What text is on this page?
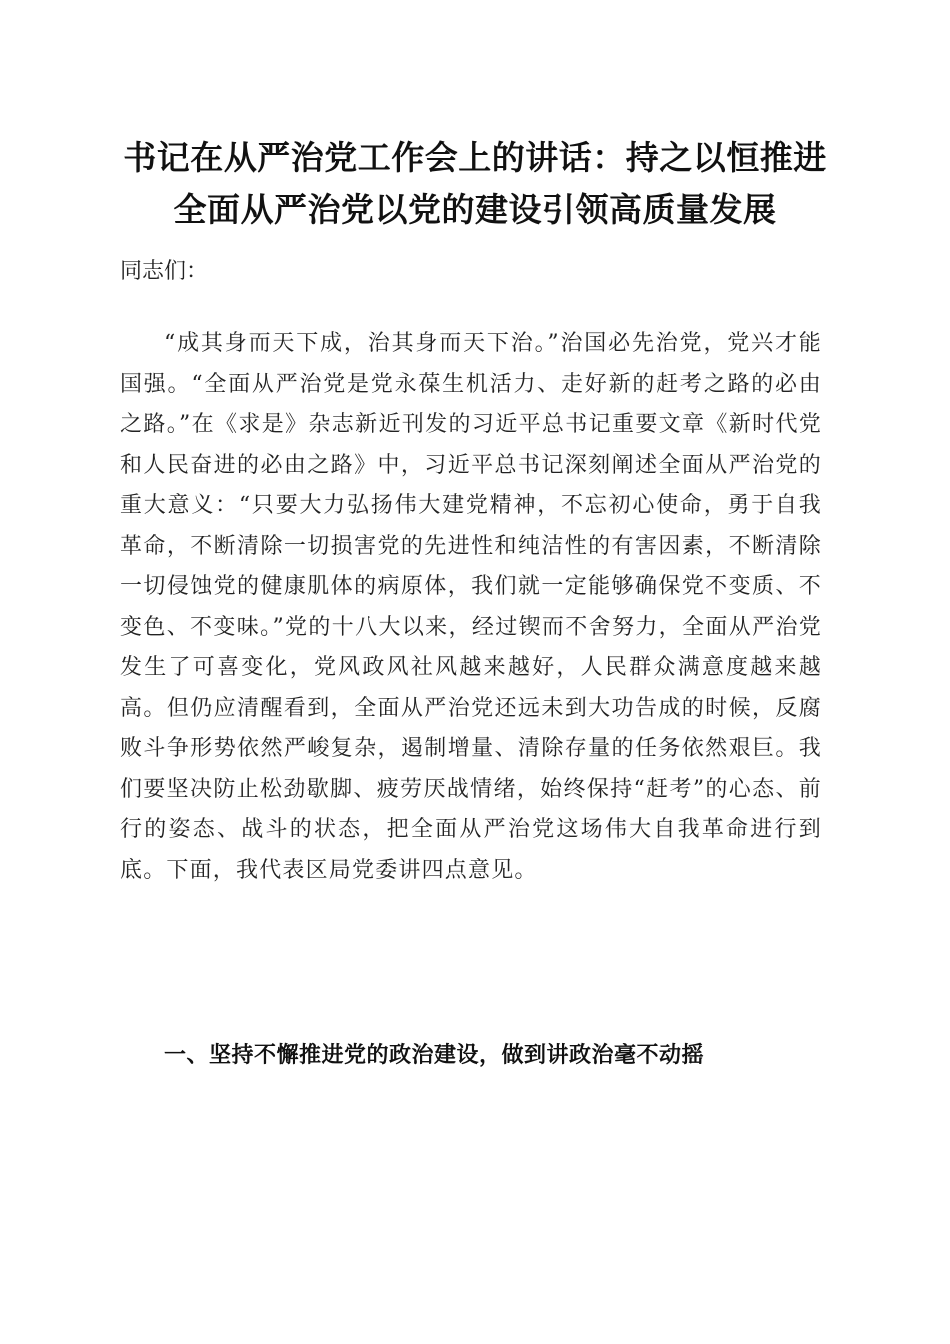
书记在从严治党工作会上的讲话：持之以恒推进全面从严治党以党的建设引领高质量发展

同志们：

“成其身而天下成，治其身而天下治。”治国必先治党，党兴才能国强。“全面从严治党是党永葆生机活力、走好新的赶考之路的必由之路。”在《求是》杂志新近刊发的习近平总书记重要文章《新时代党和人民奋进的必由之路》中，习近平总书记深刻阐述全面从严治党的重大意义：“只要大力弘扬伟大建党精神，不忘初心使命，勇于自我革命，不断清除一切损害党的先进性和纯洁性的有害因素，不断清除一切侵蚀党的健康肌体的病原体，我们就一定能够确保党不变质、不变色、不变味。”党的十八大以来，经过锲而不舍努力，全面从严治党发生了可喜变化，党风政风社风越来越好，人民群众满意度越来越高。但仍应清醒看到，全面从严治党还远未到大功告成的时候，反腐败斗争形势依然严峻复杂，遏制增量、清除存量的任务依然艰巨。我们要坚决防止松劲歇脚、疲劳厌战情绪，始终保持“赶考”的心态、前行的姿态、战斗的状态，把全面从严治党这场伟大自我革命进行到底。下面，我代表区局党委讲四点意见。

一、坚持不懈推进党的政治建设，做到讲政治毫不动摇
